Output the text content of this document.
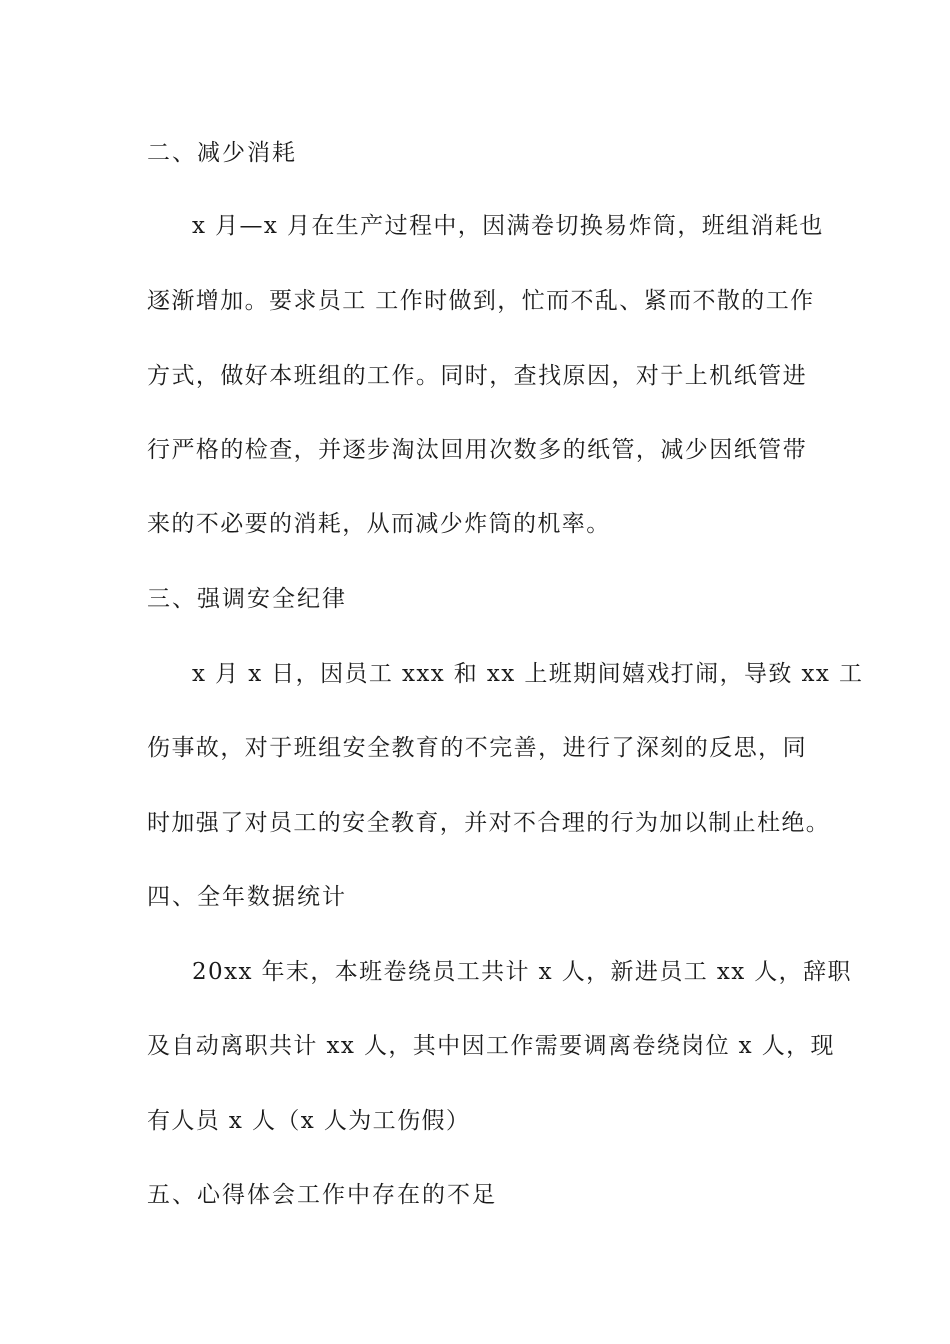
二、减少消耗
x 月—x 月在生产过程中，因满卷切换易炸筒，班组消耗也
逐渐增加。要求员工 工作时做到，忙而不乱、紧而不散的工作
方式，做好本班组的工作。同时，查找原因，对于上机纸管进
行严格的检查，并逐步淘汰回用次数多的纸管，减少因纸管带
来的不必要的消耗，从而减少炸筒的机率。
三、强调安全纪律
x 月 x 日，因员工 xxx 和 xx 上班期间嬉戏打闹，导致 xx 工
伤事故，对于班组安全教育的不完善，进行了深刻的反思，同
时加强了对员工的安全教育，并对不合理的行为加以制止杜绝。
四、全年数据统计
20xx 年末，本班卷绕员工共计 x 人，新进员工 xx 人，辞职
及自动离职共计 xx 人，其中因工作需要调离卷绕岗位 x 人，现
有人员 x 人（x 人为工伤假）
五、心得体会工作中存在的不足
